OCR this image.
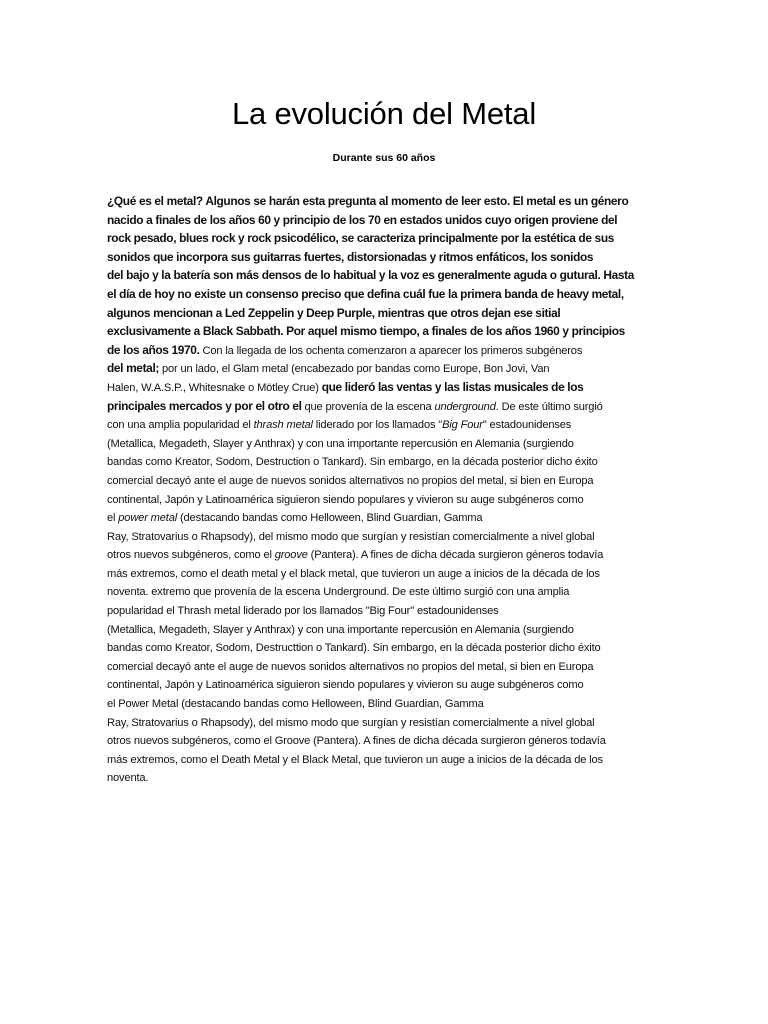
La evolución del Metal

Durante sus 60 años

¿Qué es el metal? Algunos se harán esta pregunta al momento de leer esto. El metal es un género
nacido a finales de los años 60 y principio de los 70 en estados unidos cuyo origen proviene del
rock pesado, blues rock y rock psicodélico, se caracteriza principalmente por la estética de sus
sonidos que incorpora sus guitarras fuertes, distorsionadas y ritmos enfáticos, los sonidos
del bajo y la batería son más densos de lo habitual y la voz es generalmente aguda o gutural. Hasta
el día de hoy no existe un consenso preciso que defina cuál fue la primera banda de heavy metal,
algunos mencionan a Led Zeppelin y Deep Purple, mientras que otros dejan ese sitial
exclusivamente a Black Sabbath. Por aquel mismo tiempo, a finales de los años 1960 y principios
de los años 1970. Con la llegada de los ochenta comenzaron a aparecer los primeros subgéneros
del metal; por un lado, el Glam metal (encabezado por bandas como Europe, Bon Jovi, Van
Halen, W.A.S.P., Whitesnake o Mötley Crue) que lideró las ventas y las listas musicales de los
principales mercados y por el otro el que provenía de la escena underground. De este último surgió
con una amplia popularidad el thrash metal liderado por los llamados "Big Four" estadounidenses
(Metallica, Megadeth, Slayer y Anthrax) y con una importante repercusión en Alemania (surgiendo
bandas como Kreator, Sodom, Destruction o Tankard). Sin embargo, en la década posterior dicho éxito
comercial decayó ante el auge de nuevos sonidos alternativos no propios del metal, si bien en Europa
continental, Japón y Latinoamérica siguieron siendo populares y vivieron su auge subgéneros como
el power metal (destacando bandas como Helloween, Blind Guardian, Gamma
Ray, Stratovarius o Rhapsody), del mismo modo que surgían y resistían comercialmente a nivel global
otros nuevos subgéneros, como el groove (Pantera). A fines de dicha década surgieron géneros todavía
más extremos, como el death metal y el black metal, que tuvieron un auge a inicios de la década de los
noventa. extremo que provenía de la escena Underground. De este último surgió con una amplia
popularidad el Thrash metal liderado por los llamados "Big Four" estadounidenses
(Metallica, Megadeth, Slayer y Anthrax) y con una importante repercusión en Alemania (surgiendo
bandas como Kreator, Sodom, Destructtion o Tankard). Sin embargo, en la década posterior dicho éxito
comercial decayó ante el auge de nuevos sonidos alternativos no propios del metal, si bien en Europa
continental, Japón y Latinoamérica siguieron siendo populares y vivieron su auge subgéneros como
el Power Metal (destacando bandas como Helloween, Blind Guardian, Gamma
Ray, Stratovarius o Rhapsody), del mismo modo que surgían y resistían comercialmente a nivel global
otros nuevos subgéneros, como el Groove (Pantera). A fines de dicha década surgieron géneros todavía
más extremos, como el Death Metal y el Black Metal, que tuvieron un auge a inicios de la década de los
noventa.
